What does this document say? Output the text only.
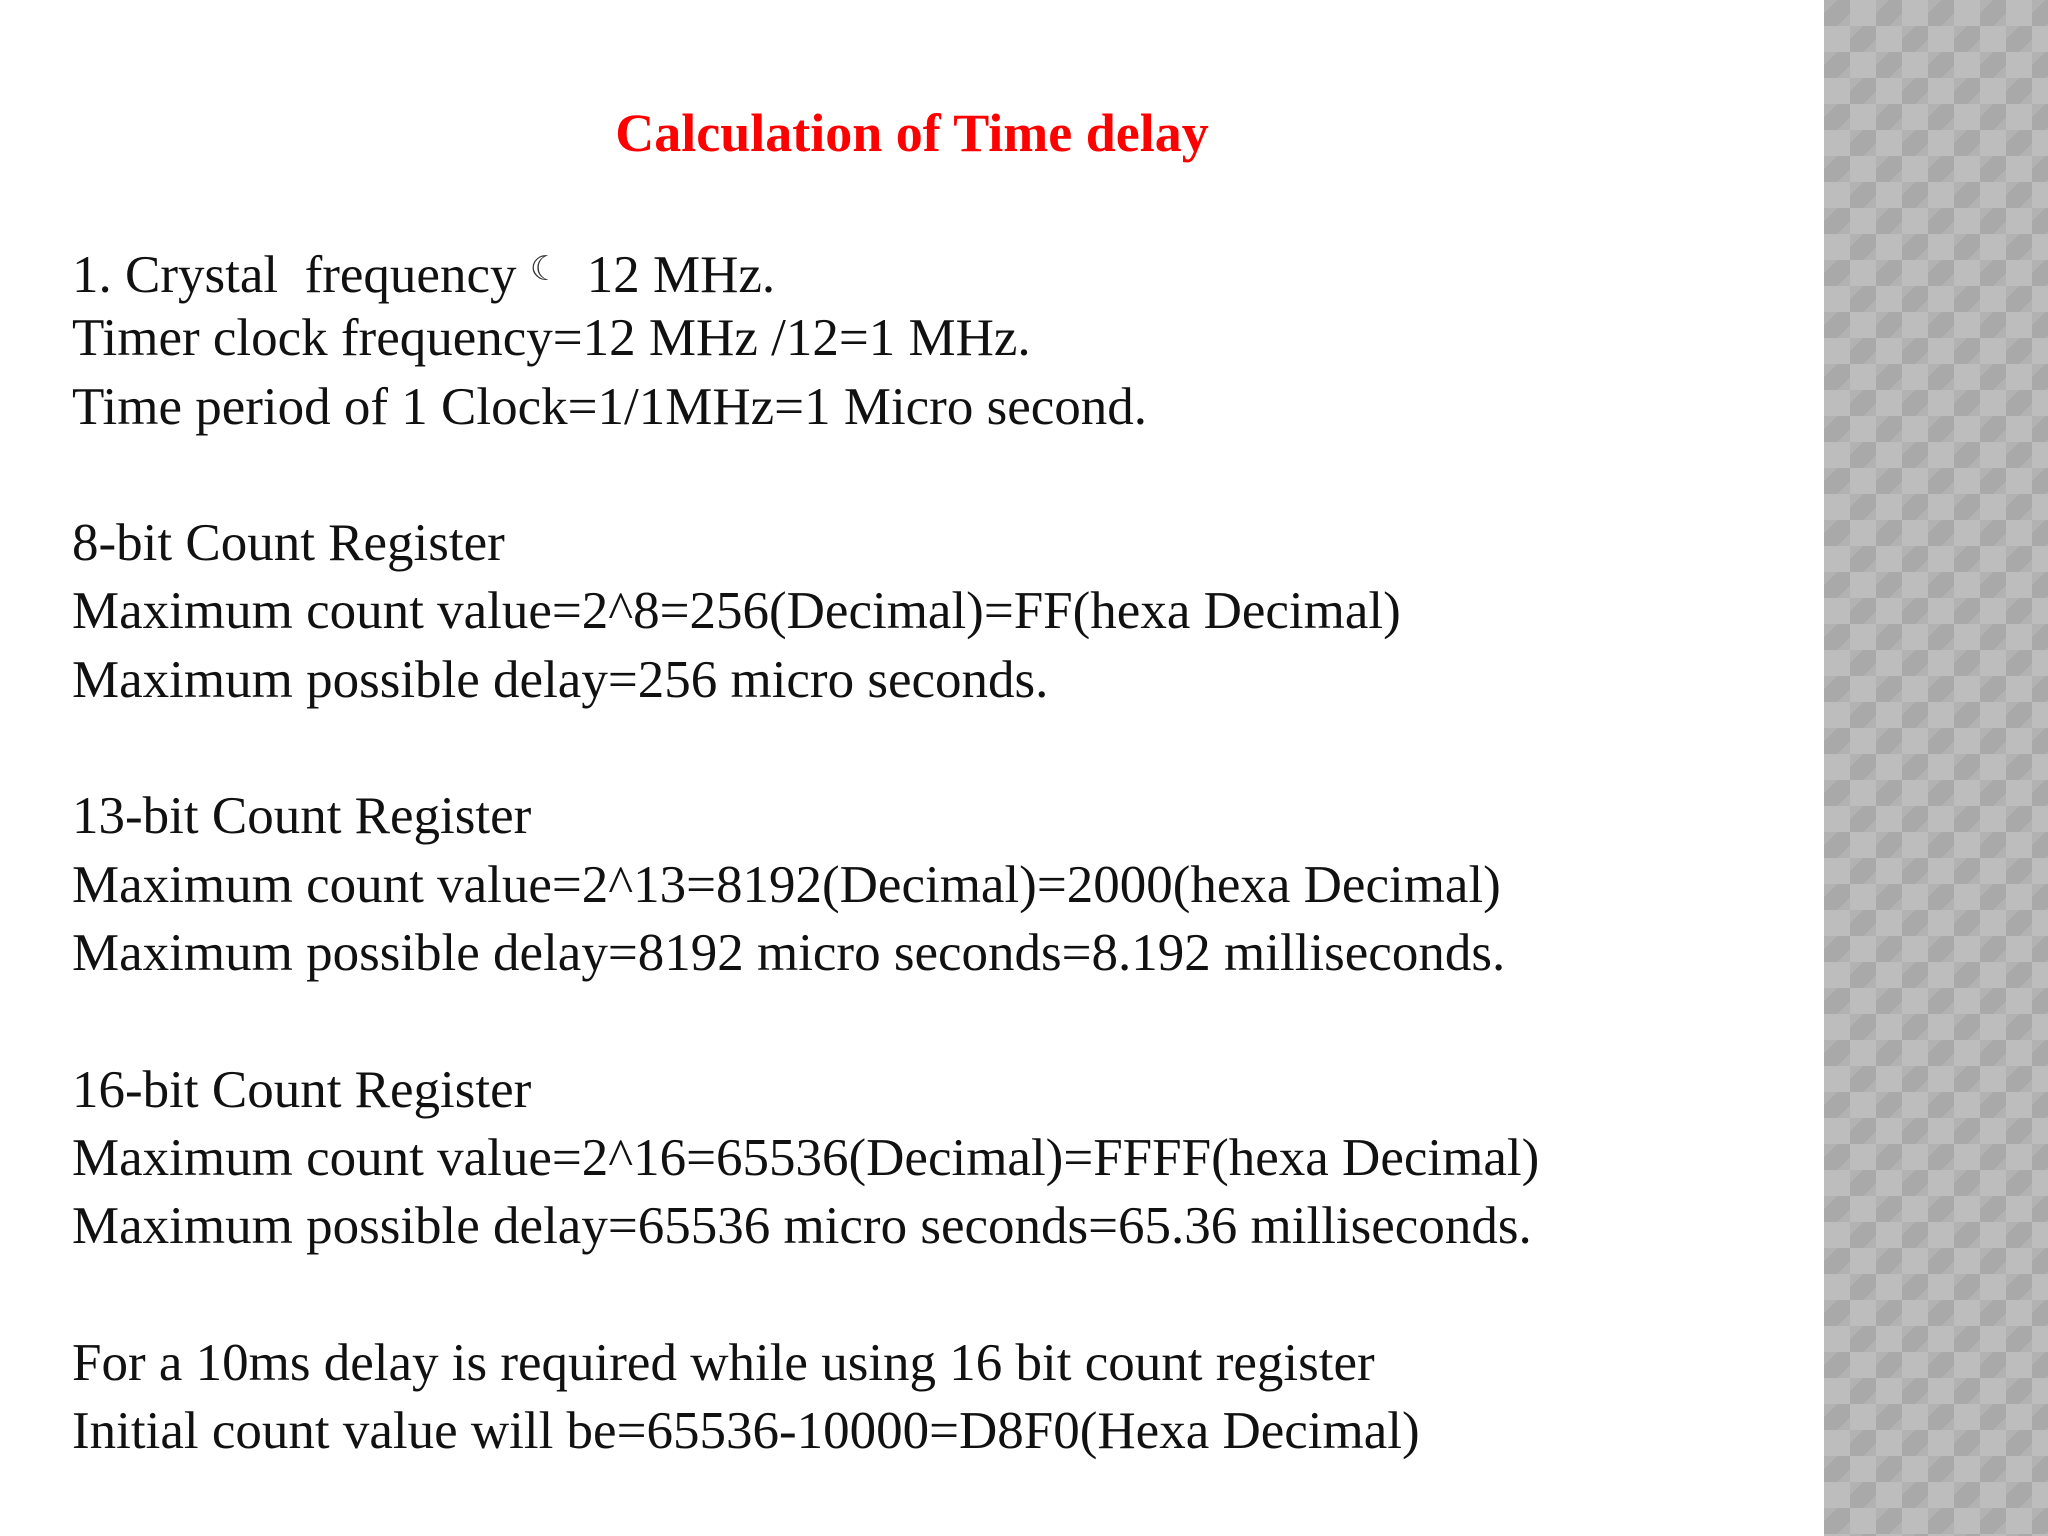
Calculation of Time delay
1. Crystal  frequency ☾  12 MHz.
Timer clock frequency=12 MHz /12=1 MHz.
Time period of 1 Clock=1/1MHz=1 Micro second.
8-bit Count Register
Maximum count value=2^8=256(Decimal)=FF(hexa Decimal)
Maximum possible delay=256 micro seconds.
13-bit Count Register
Maximum count value=2^13=8192(Decimal)=2000(hexa Decimal)
Maximum possible delay=8192 micro seconds=8.192 milliseconds.
16-bit Count Register
Maximum count value=2^16=65536(Decimal)=FFFF(hexa Decimal)
Maximum possible delay=65536 micro seconds=65.36 milliseconds.
For a 10ms delay is required while using 16 bit count register
Initial count value will be=65536-10000=D8F0(Hexa Decimal)
